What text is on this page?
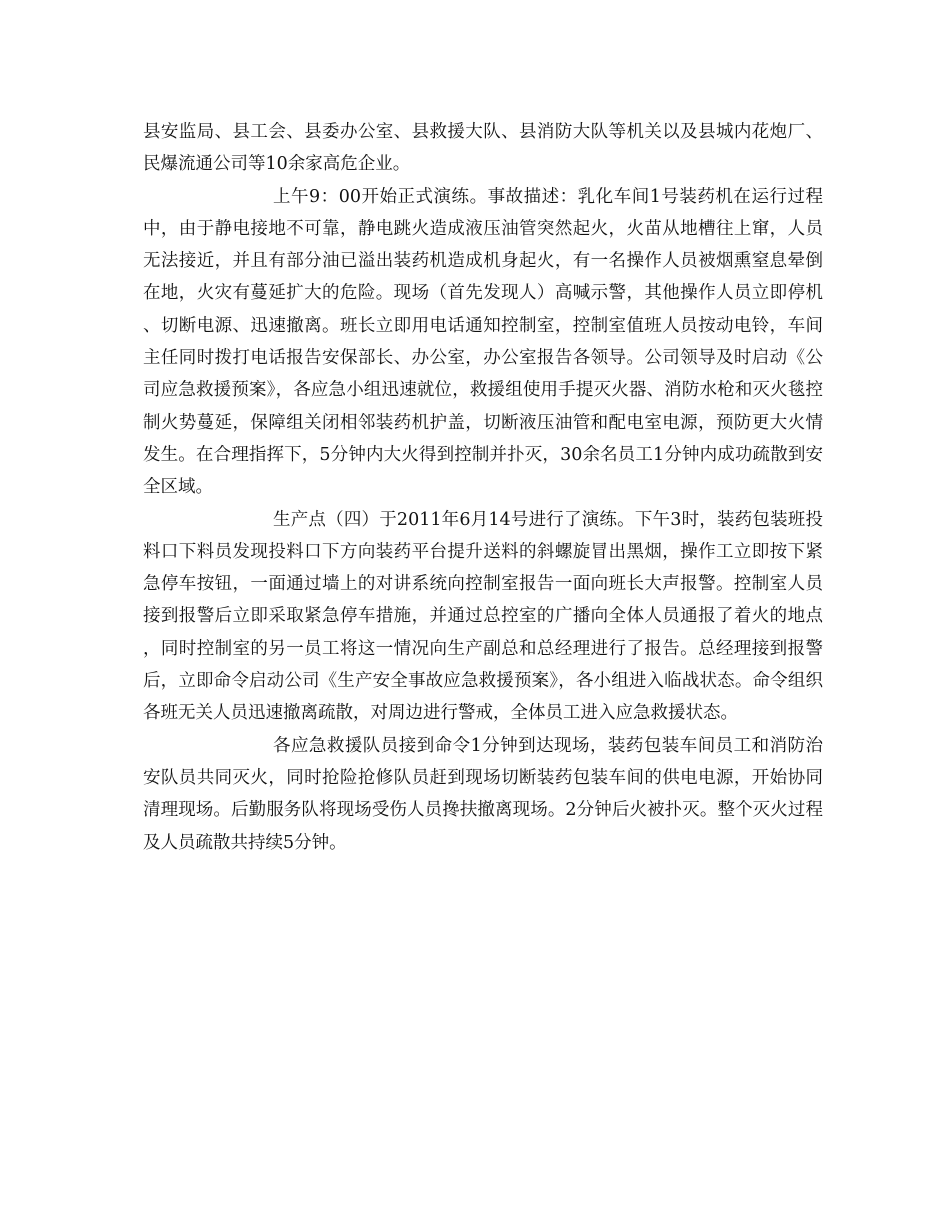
县安监局、县工会、县委办公室、县救援大队、县消防大队等机关以及县城内花炮厂、民爆流通公司等10余家高危企业。

上午9：00开始正式演练。事故描述：乳化车间1号装药机在运行过程中，由于静电接地不可靠，静电跳火造成液压油管突然起火，火苗从地槽往上窜，人员无法接近，并且有部分油已溢出装药机造成机身起火，有一名操作人员被烟熏窒息晕倒在地，火灾有蔓延扩大的危险。现场（首先发现人）高喊示警，其他操作人员立即停机、切断电源、迅速撤离。班长立即用电话通知控制室，控制室值班人员按动电铃，车间主任同时拨打电话报告安保部长、办公室，办公室报告各领导。公司领导及时启动《公司应急救援预案》，各应急小组迅速就位，救援组使用手提灭火器、消防水枪和灭火毯控制火势蔓延，保障组关闭相邻装药机护盖，切断液压油管和配电室电源，预防更大火情发生。在合理指挥下，5分钟内大火得到控制并扑灭，30余名员工1分钟内成功疏散到安全区域。

生产点（四）于2011年6月14号进行了演练。下午3时，装药包装班投料口下料员发现投料口下方向装药平台提升送料的斜螺旋冒出黑烟，操作工立即按下紧急停车按钮，一面通过墙上的对讲系统向控制室报告一面向班长大声报警。控制室人员接到报警后立即采取紧急停车措施，并通过总控室的广播向全体人员通报了着火的地点，同时控制室的另一员工将这一情况向生产副总和总经理进行了报告。总经理接到报警后，立即命令启动公司《生产安全事故应急救援预案》，各小组进入临战状态。命令组织各班无关人员迅速撤离疏散，对周边进行警戒，全体员工进入应急救援状态。

各应急救援队员接到命令1分钟到达现场，装药包装车间员工和消防治安队员共同灭火，同时抢险抢修队员赶到现场切断装药包装车间的供电电源，开始协同清理现场。后勤服务队将现场受伤人员搀扶撤离现场。2分钟后火被扑灭。整个灭火过程及人员疏散共持续5分钟。
